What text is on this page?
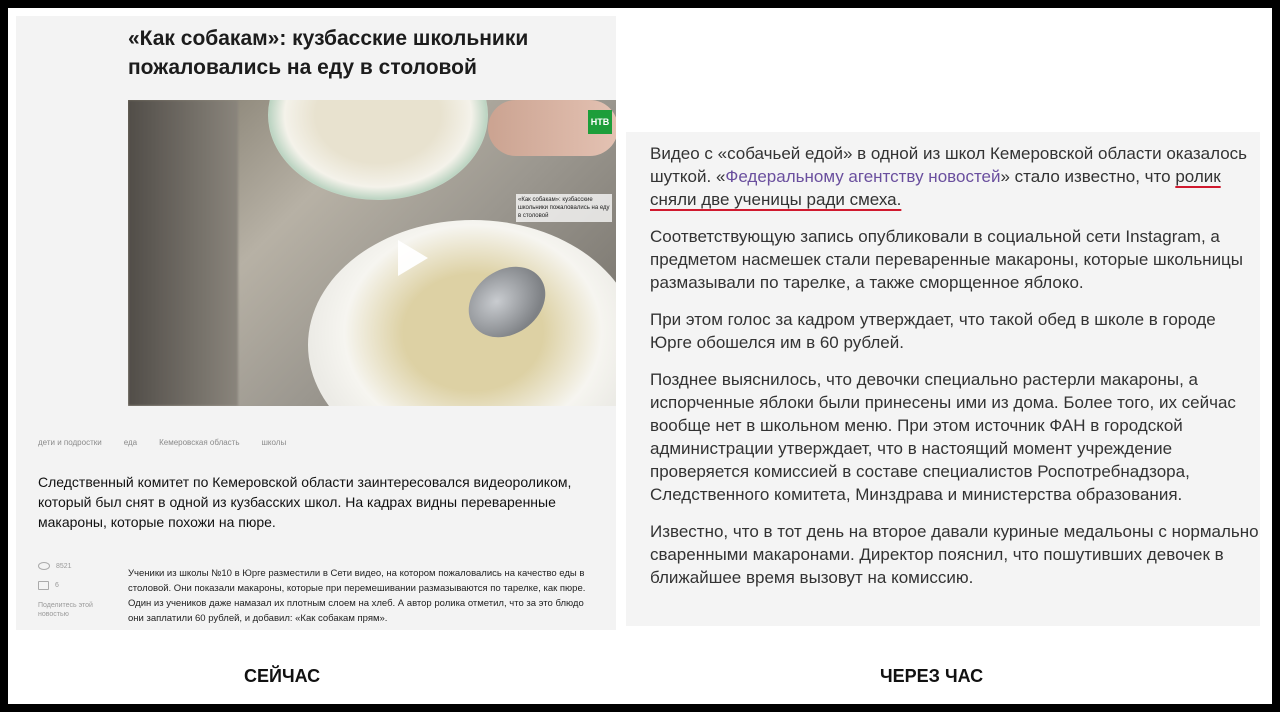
«Как собакам»: кузбасские школьники пожаловались на еду в столовой
НТВ
«Как собакам»: кузбасские школьники пожаловались на еду в столовой
дети и подростки	еда	Кемеровская область	школы
Следственный комитет по Кемеровской области заинтересовался видеороликом, который был снят в одной из кузбасских школ. На кадрах видны переваренные макароны, которые похожи на пюре.
8521
6
Поделитесь этой новостью
Ученики из школы №10 в Юрге разместили в Сети видео, на котором пожаловались на качество еды в столовой. Они показали макароны, которые при перемешивании размазываются по тарелке, как пюре. Один из учеников даже намазал их плотным слоем на хлеб. А автор ролика отметил, что за это блюдо они заплатили 60 рублей, и добавил: «Как собакам прям».

Видео с «собачьей едой» в одной из школ Кемеровской области оказалось шуткой. «Федеральному агентству новостей» стало известно, что ролик сняли две ученицы ради смеха.

Соответствующую запись опубликовали в социальной сети Instagram, а предметом насмешек стали переваренные макароны, которые школьницы размазывали по тарелке, а также сморщенное яблоко.

При этом голос за кадром утверждает, что такой обед в школе в городе Юрге обошелся им в 60 рублей.

Позднее выяснилось, что девочки специально растерли макароны, а испорченные яблоки были принесены ими из дома. Более того, их сейчас вообще нет в школьном меню. При этом источник ФАН в городской администрации утверждает, что в настоящий момент учреждение проверяется комиссией в составе специалистов Роспотребнадзора, Следственного комитета, Минздрава и министерства образования.

Известно, что в тот день на второе давали куриные медальоны с нормально сваренными макаронами. Директор пояснил, что пошутивших девочек в ближайшее время вызовут на комиссию.

СЕЙЧАС	ЧЕРЕЗ ЧАС
